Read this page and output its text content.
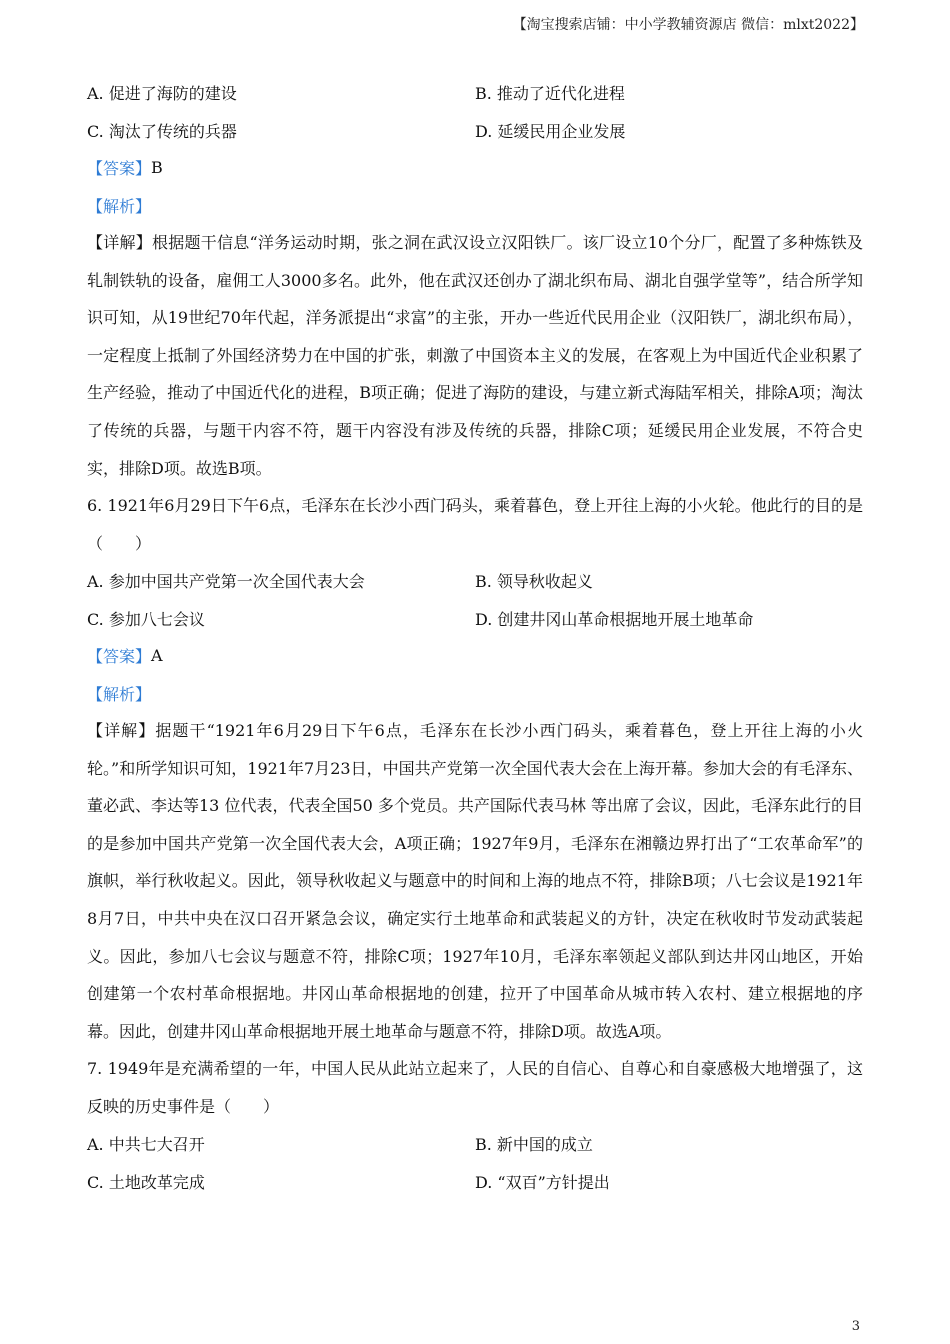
【淘宝搜索店铺：中小学教辅资源店 微信：mlxt2022】
A. 促进了海防的建设	B. 推动了近代化进程
C. 淘汰了传统的兵器	D. 延缓民用企业发展
【答案】 B
【解析】

【详解】根据题干信息“洋务运动时期，张之洞在武汉设立汉阳铁厂。该厂设立10个分厂，配置了多种炼铁及轧制铁轨的设备，雇佣工人3000多名。此外，他在武汉还创办了湖北织布局、湖北自强学堂等”，结合所学知识可知，从19世纪70年代起，洋务派提出“求富”的主张，开办一些近代民用企业（汉阳铁厂，湖北织布局），一定程度上抵制了外国经济势力在中国的扩张，刺激了中国资本主义的发展，在客观上为中国近代企业积累了生产经验，推动了中国近代化的进程，B项正确；促进了海防的建设，与建立新式海陆军相关，排除A项；淘汰了传统的兵器，与题干内容不符，题干内容没有涉及传统的兵器，排除C项；延缓民用企业发展，不符合史实，排除D项。故选B项。

6. 1921年6月29日下午6点，毛泽东在长沙小西门码头，乘着暮色，登上开往上海的小火轮。他此行的目的是（　　）

A. 参加中国共产党第一次全国代表大会	B. 领导秋收起义
C. 参加八七会议	D. 创建井冈山革命根据地开展土地革命
【答案】 A
【解析】

【详解】据题干“1921年6月29日下午6点，毛泽东在长沙小西门码头，乘着暮色，登上开往上海的小火轮。”和所学知识可知，1921年7月23日，中国共产党第一次全国代表大会在上海开幕。参加大会的有毛泽东、董必武、李达等13 位代表，代表全国50 多个党员。共产国际代表马林 等出席了会议，因此，毛泽东此行的目的是参加中国共产党第一次全国代表大会，A项正确；1927年9月，毛泽东在湘赣边界打出了“工农革命军”的旗帜，举行秋收起义。因此，领导秋收起义与题意中的时间和上海的地点不符，排除B项；八七会议是1921年8月7日，中共中央在汉口召开紧急会议，确定实行土地革命和武装起义的方针，决定在秋收时节发动武装起义。因此，参加八七会议与题意不符，排除C项；1927年10月，毛泽东率领起义部队到达井冈山地区，开始创建第一个农村革命根据地。井冈山革命根据地的创建，拉开了中国革命从城市转入农村、建立根据地的序幕。因此，创建井冈山革命根据地开展土地革命与题意不符，排除D项。故选A项。

7. 1949年是充满希望的一年，中国人民从此站立起来了，人民的自信心、自尊心和自豪感极大地增强了，这反映的历史事件是（　　）

A. 中共七大召开	B. 新中国的成立
C. 土地改革完成	D. “双百”方针提出
3
